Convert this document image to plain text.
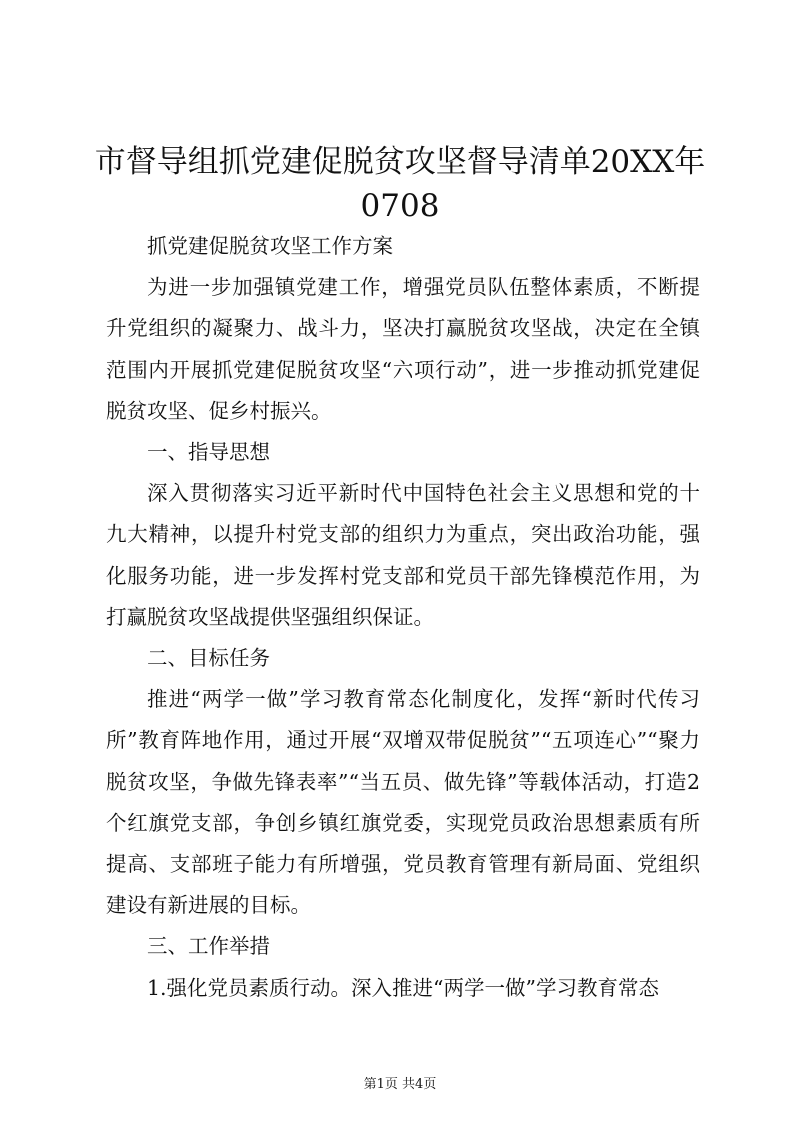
市督导组抓党建促脱贫攻坚督导清单20XX年0708

抓党建促脱贫攻坚工作方案

为进一步加强镇党建工作，增强党员队伍整体素质，不断提升党组织的凝聚力、战斗力，坚决打赢脱贫攻坚战，决定在全镇范围内开展抓党建促脱贫攻坚“六项行动”，进一步推动抓党建促脱贫攻坚、促乡村振兴。

一、指导思想

深入贯彻落实习近平新时代中国特色社会主义思想和党的十九大精神，以提升村党支部的组织力为重点，突出政治功能，强化服务功能，进一步发挥村党支部和党员干部先锋模范作用，为打赢脱贫攻坚战提供坚强组织保证。

二、目标任务

推进“两学一做”学习教育常态化制度化，发挥“新时代传习所”教育阵地作用，通过开展“双增双带促脱贫”“五项连心”“聚力脱贫攻坚，争做先锋表率”“当五员、做先锋”等载体活动，打造2个红旗党支部，争创乡镇红旗党委，实现党员政治思想素质有所提高、支部班子能力有所增强，党员教育管理有新局面、党组织建设有新进展的目标。

三、工作举措

1.强化党员素质行动。深入推进“两学一做”学习教育常态

第1页 共4页
